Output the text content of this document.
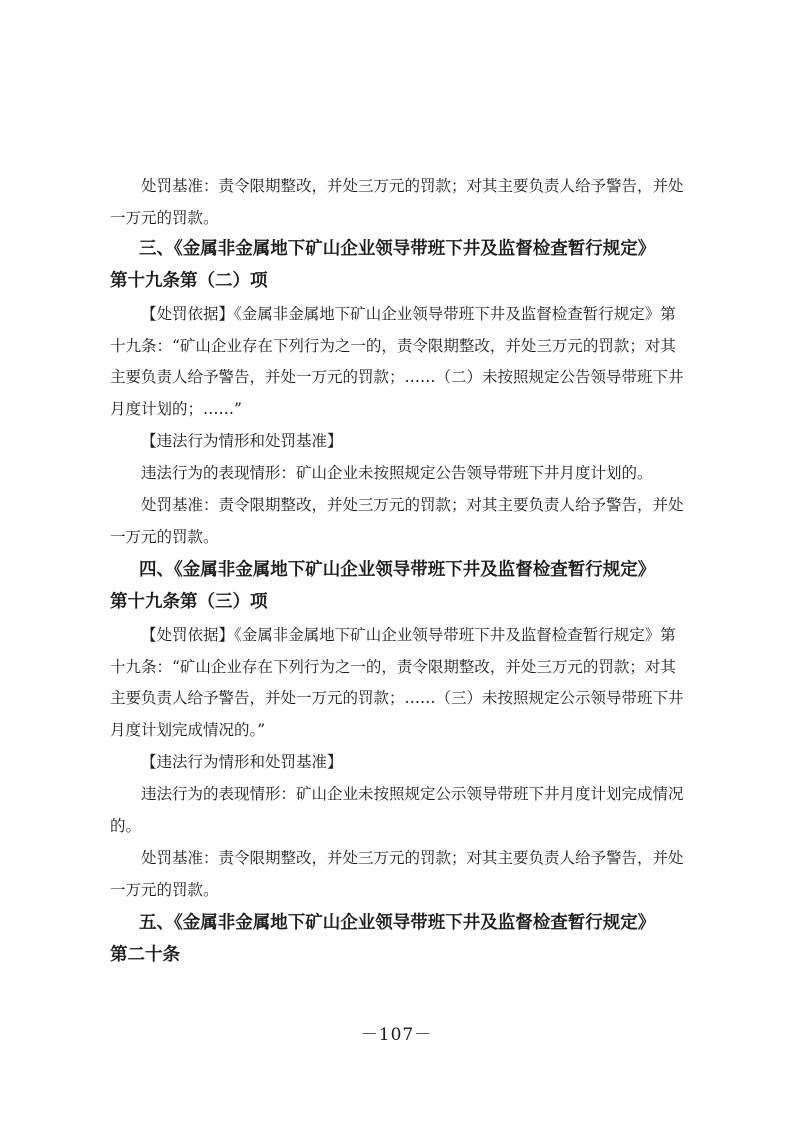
处罚基准：责令限期整改，并处三万元的罚款；对其主要负责人给予警告，并处
一万元的罚款。
三、《金属非金属地下矿山企业领导带班下井及监督检查暂行规定》
第十九条第（二）项
【处罚依据】《金属非金属地下矿山企业领导带班下井及监督检查暂行规定》第
十九条：“矿山企业存在下列行为之一的，责令限期整改，并处三万元的罚款；对其
主要负责人给予警告，并处一万元的罚款；……（二）未按照规定公告领导带班下井
月度计划的；……”
【违法行为情形和处罚基准】
违法行为的表现情形：矿山企业未按照规定公告领导带班下井月度计划的。
处罚基准：责令限期整改，并处三万元的罚款；对其主要负责人给予警告，并处
一万元的罚款。
四、《金属非金属地下矿山企业领导带班下井及监督检查暂行规定》
第十九条第（三）项
【处罚依据】《金属非金属地下矿山企业领导带班下井及监督检查暂行规定》第
十九条：“矿山企业存在下列行为之一的，责令限期整改，并处三万元的罚款；对其
主要负责人给予警告，并处一万元的罚款；……（三）未按照规定公示领导带班下井
月度计划完成情况的。”
【违法行为情形和处罚基准】
违法行为的表现情形：矿山企业未按照规定公示领导带班下井月度计划完成情况
的。
处罚基准：责令限期整改，并处三万元的罚款；对其主要负责人给予警告，并处
一万元的罚款。
五、《金属非金属地下矿山企业领导带班下井及监督检查暂行规定》
第二十条
－107－
